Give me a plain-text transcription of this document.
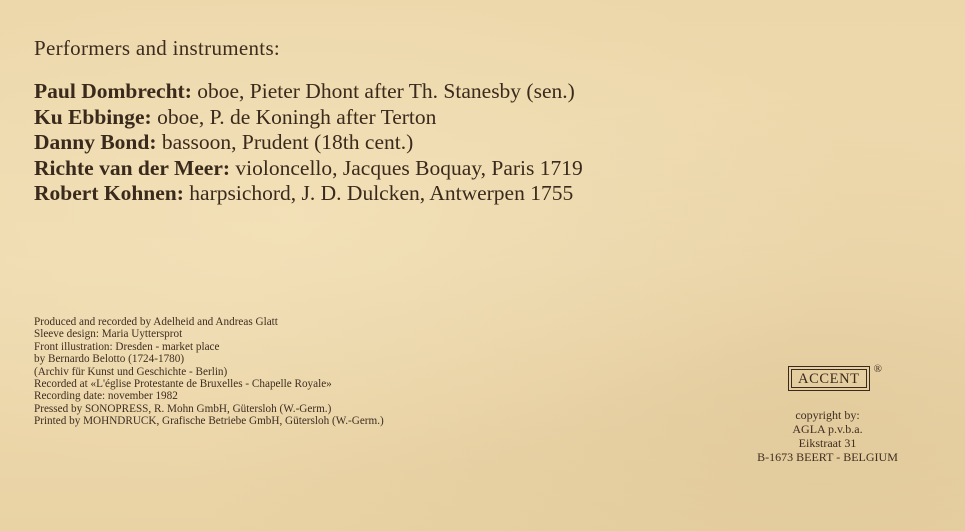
Performers and instruments:
Paul Dombrecht: oboe, Pieter Dhont after Th. Stanesby (sen.)
Ku Ebbinge: oboe, P. de Koningh after Terton
Danny Bond: bassoon, Prudent (18th cent.)
Richte van der Meer: violoncello, Jacques Boquay, Paris 1719
Robert Kohnen: harpsichord, J. D. Dulcken, Antwerpen 1755
Produced and recorded by Adelheid and Andreas Glatt
Sleeve design: Maria Uyttersprot
Front illustration: Dresden - market place
by Bernardo Belotto (1724-1780)
(Archiv für Kunst und Geschichte - Berlin)
Recorded at «L'église Protestante de Bruxelles - Chapelle Royale»
Recording date: november 1982
Pressed by SONOPRESS, R. Mohn GmbH, Gütersloh (W.-Germ.)
Printed by MOHNDRUCK, Grafische Betriebe GmbH, Gütersloh (W.-Germ.)
ACCENT
®
copyright by:
AGLA p.v.b.a.
Eikstraat 31
B-1673 BEERT - BELGIUM
